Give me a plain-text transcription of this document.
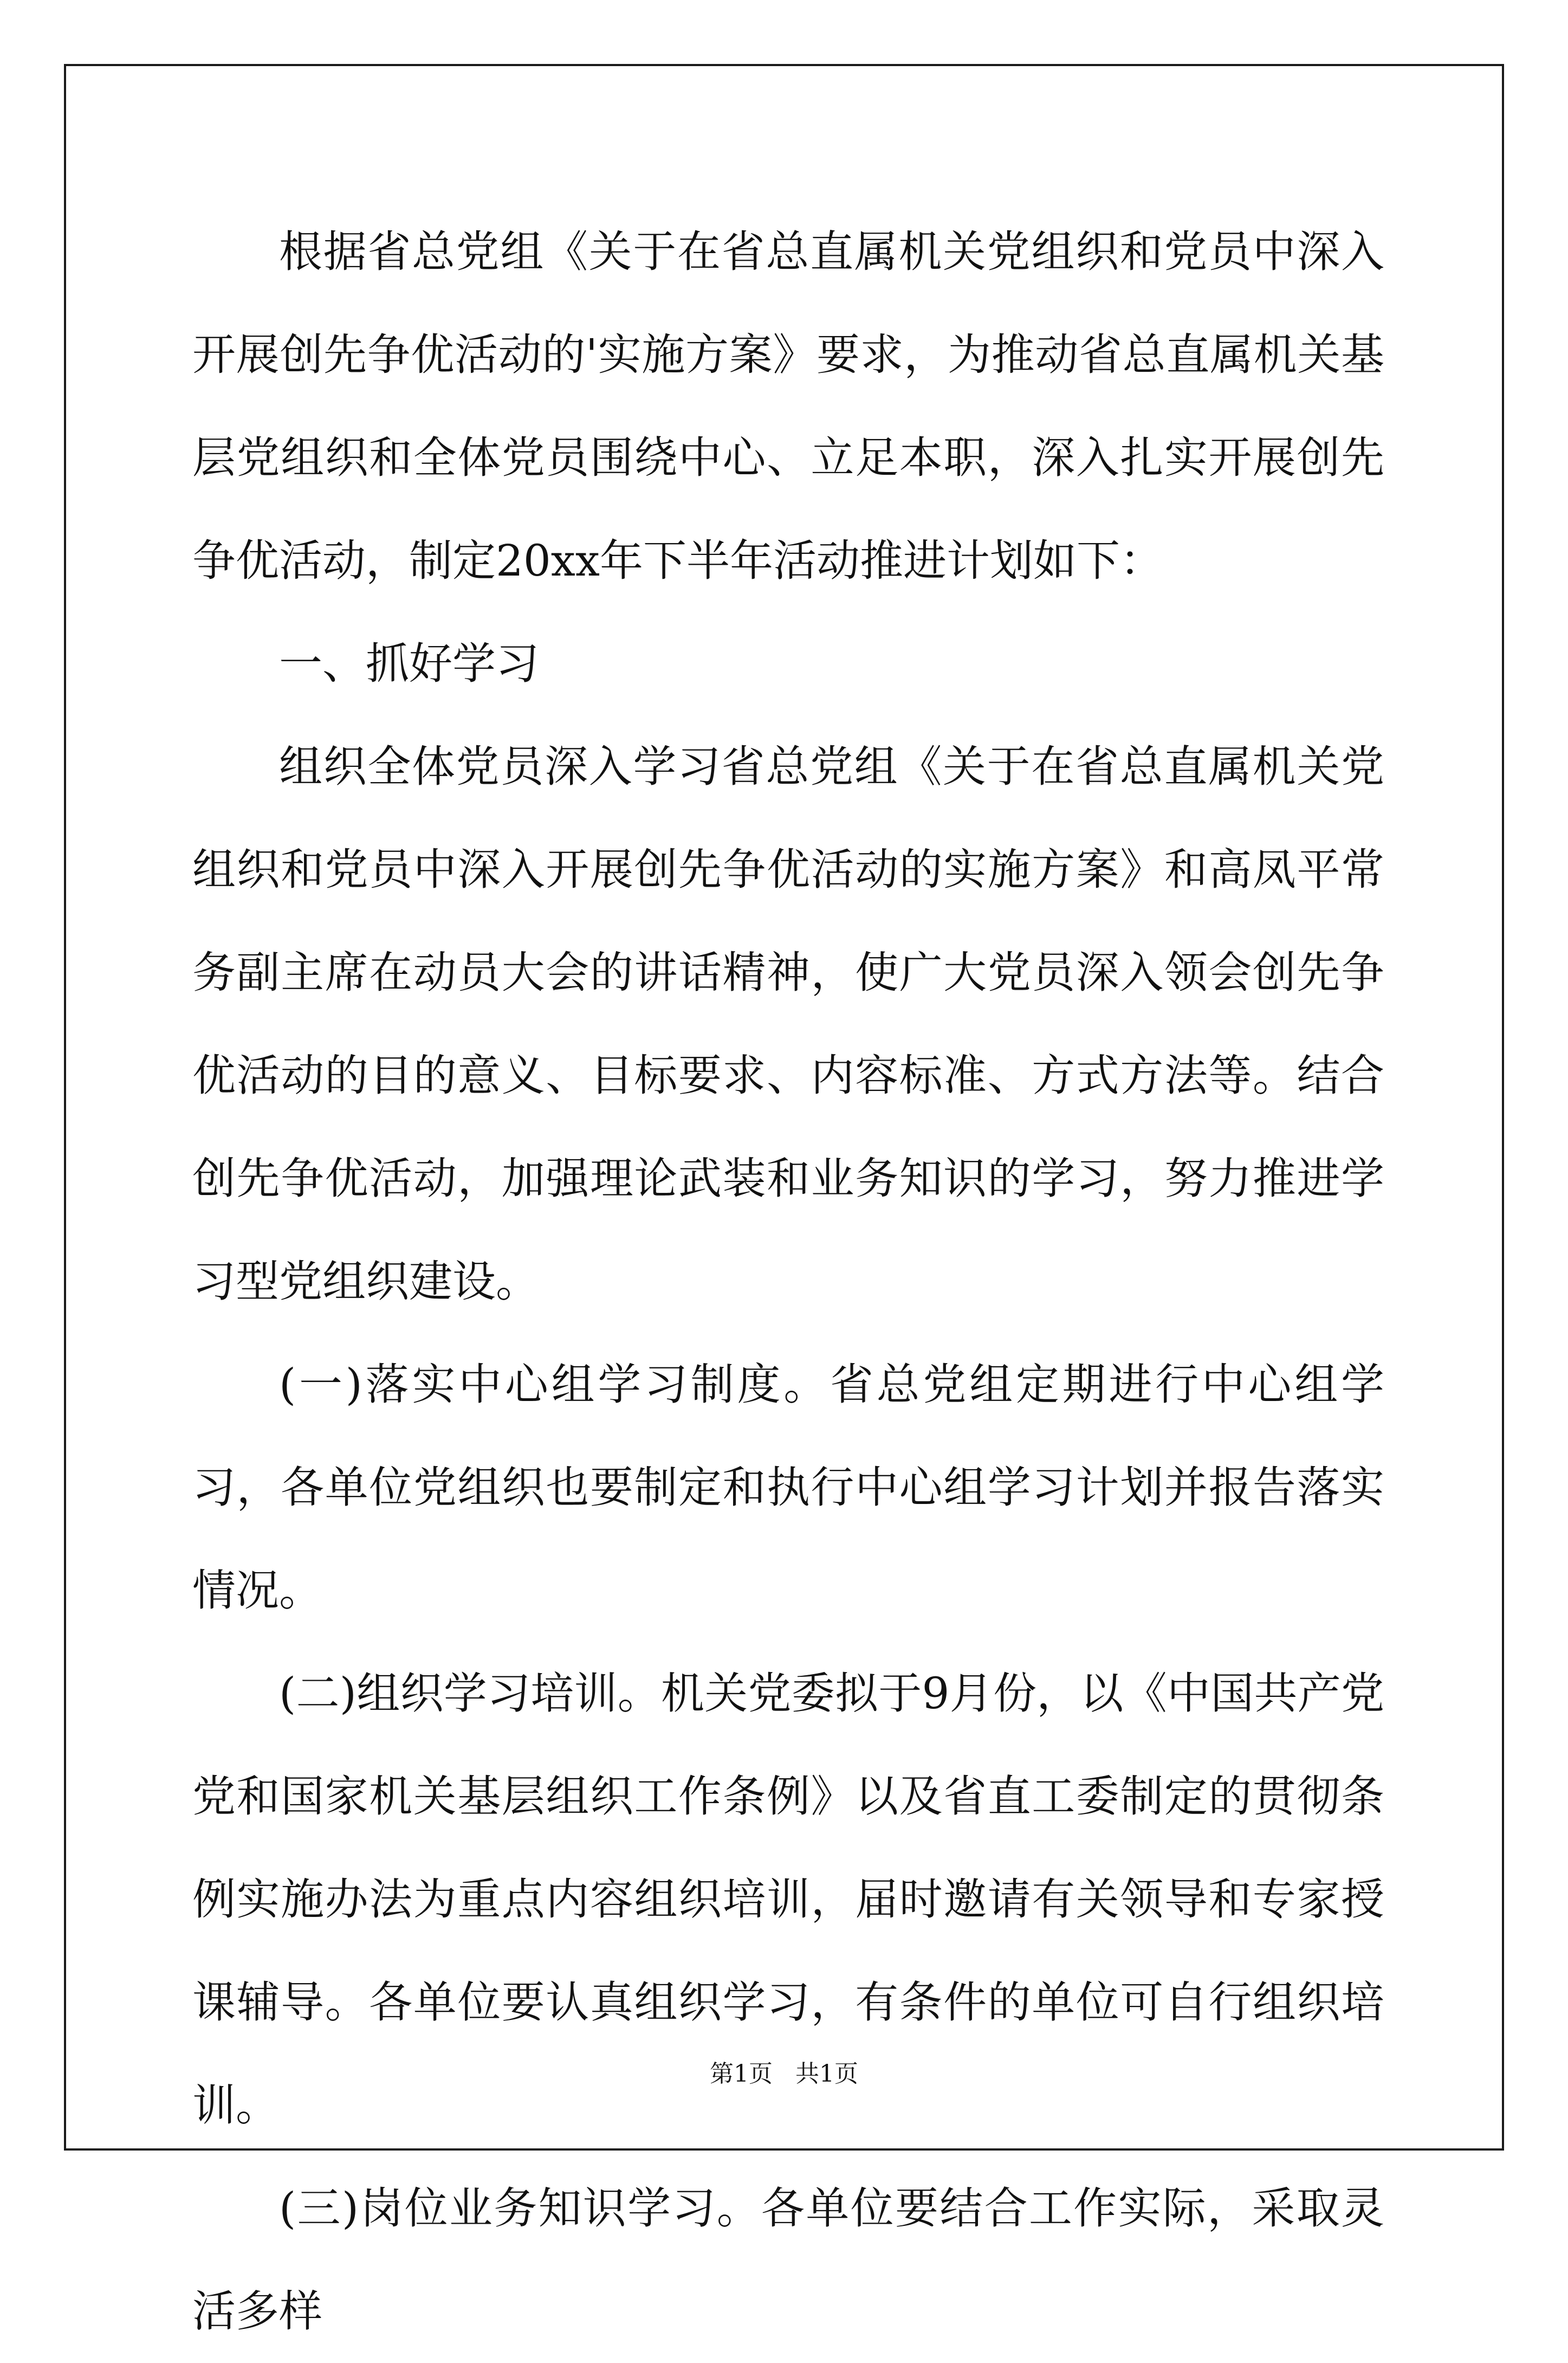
根据省总党组《关于在省总直属机关党组织和党员中深入开展创先争优活动的'实施方案》要求，为推动省总直属机关基层党组织和全体党员围绕中心、立足本职，深入扎实开展创先争优活动，制定20xx年下半年活动推进计划如下：

一、抓好学习

组织全体党员深入学习省总党组《关于在省总直属机关党组织和党员中深入开展创先争优活动的实施方案》和高凤平常务副主席在动员大会的讲话精神，使广大党员深入领会创先争优活动的目的意义、目标要求、内容标准、方式方法等。结合创先争优活动，加强理论武装和业务知识的学习，努力推进学习型党组织建设。

(一)落实中心组学习制度。省总党组定期进行中心组学习，各单位党组织也要制定和执行中心组学习计划并报告落实情况。

(二)组织学习培训。机关党委拟于9月份，以《中国共产党党和国家机关基层组织工作条例》以及省直工委制定的贯彻条例实施办法为重点内容组织培训，届时邀请有关领导和专家授课辅导。各单位要认真组织学习，有条件的单位可自行组织培训。

(三)岗位业务知识学习。各单位要结合工作实际，采取灵活多样

第1页   共1页
